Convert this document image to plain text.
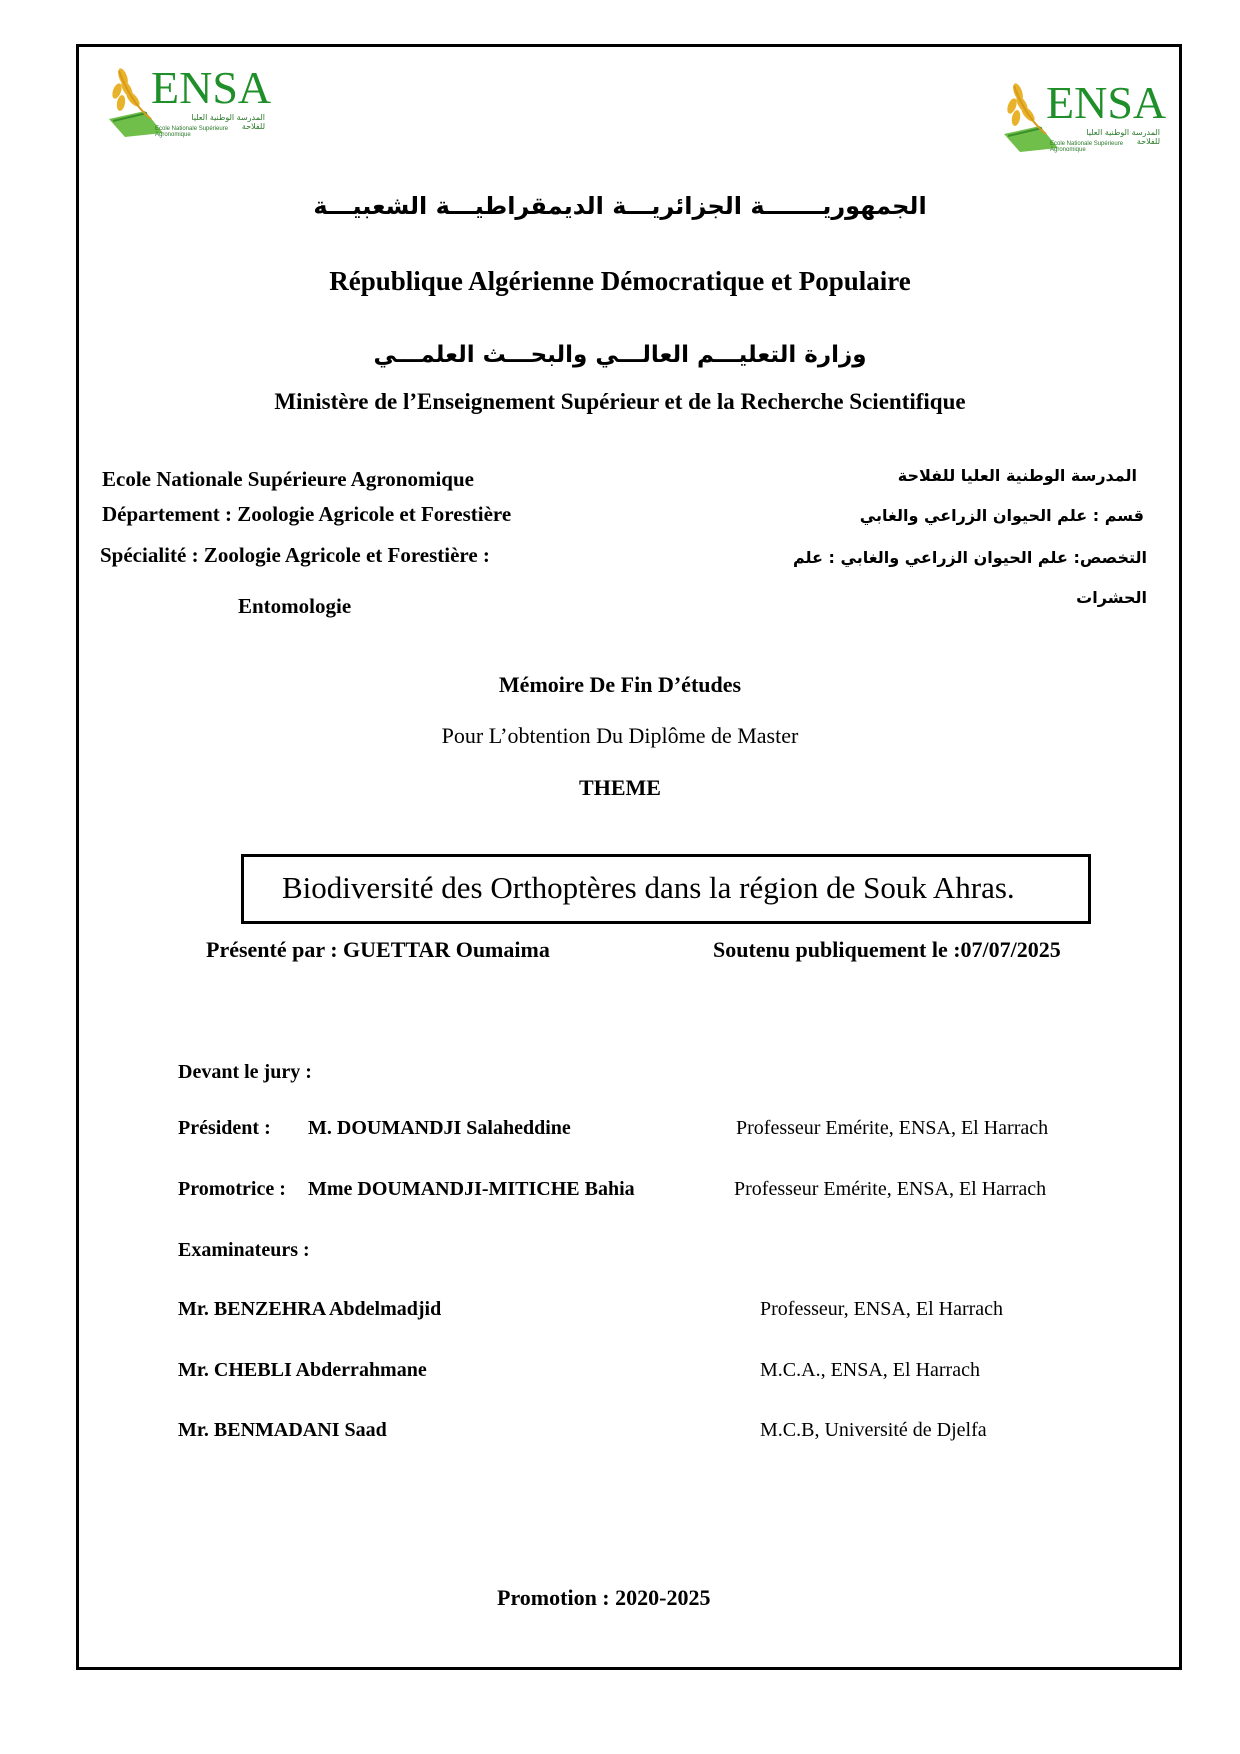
ENSA
المدرسة الوطنية العليا للفلاحة
Ecole Nationale Supérieure Agronomique
ENSA
المدرسة الوطنية العليا للفلاحة
Ecole Nationale Supérieure Agronomique
الجمهوريـــــــة الجزائريـــة الديمقراطيـــة الشعبيـــة
République Algérienne Démocratique et Populaire
وزارة التعليـــم العالـــي والبحـــث العلمـــي
Ministère de l’Enseignement Supérieur et de la Recherche Scientifique
Ecole Nationale Supérieure Agronomique
Département : Zoologie Agricole et Forestière
Spécialité : Zoologie Agricole et Forestière :
Entomologie
المدرسة الوطنية العليا للفلاحة
قسم : علم الحيوان الزراعي والغابي
التخصص: علم الحيوان الزراعي والغابي : علم
الحشرات
Mémoire De Fin D’études
Pour L’obtention Du Diplôme de Master
THEME
Biodiversité des Orthoptères dans la région de Souk Ahras.
Présenté par : GUETTAR Oumaima	Soutenu publiquement le :07/07/2025
Devant le jury :
Président : M. DOUMANDJI Salaheddine	Professeur Emérite, ENSA, El Harrach
Promotrice : Mme DOUMANDJI-MITICHE Bahia	Professeur Emérite, ENSA, El Harrach
Examinateurs :
Mr. BENZEHRA Abdelmadjid	Professeur, ENSA, El Harrach
Mr. CHEBLI Abderrahmane	M.C.A., ENSA, El Harrach
Mr. BENMADANI Saad	M.C.B, Université de Djelfa
Promotion : 2020-2025
